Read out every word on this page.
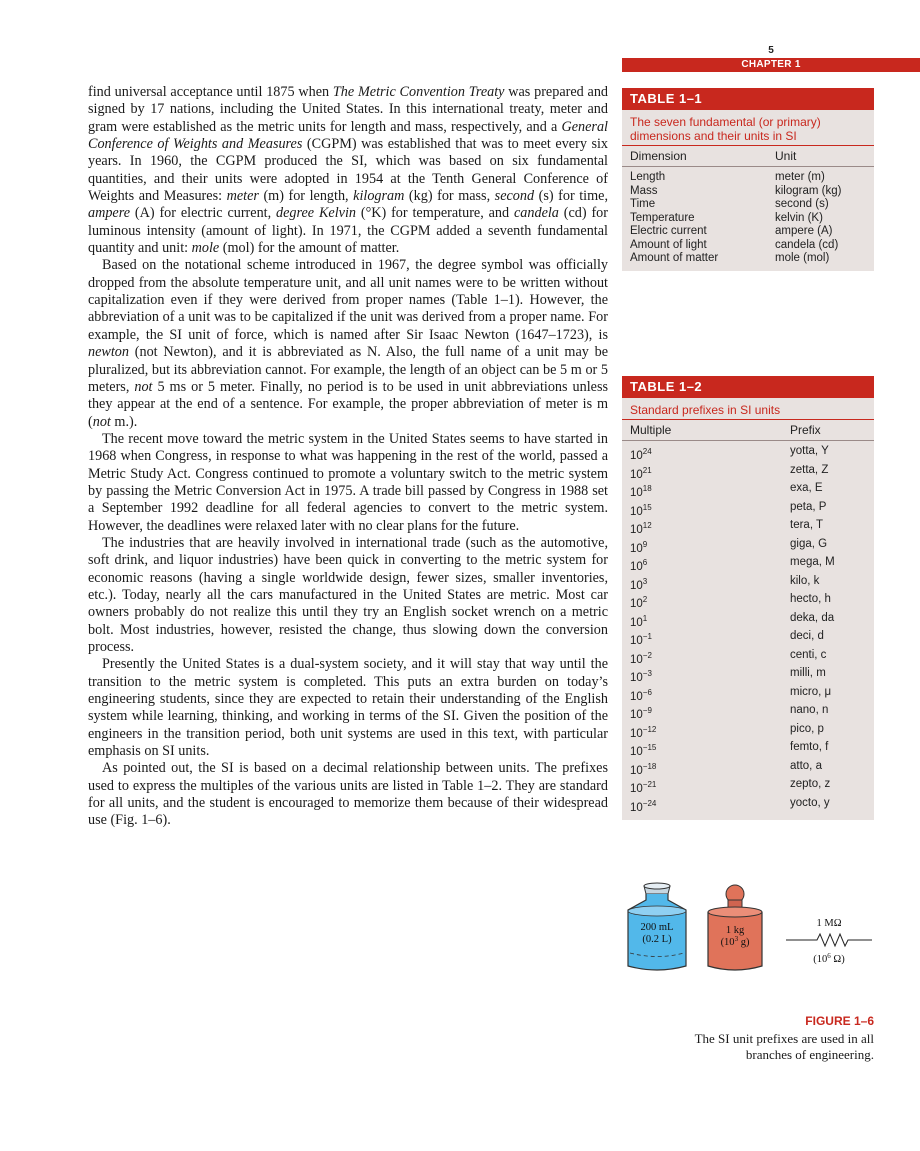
5
CHAPTER 1

find universal acceptance until 1875 when The Metric Convention Treaty was prepared and signed by 17 nations, including the United States. In this international treaty, meter and gram were established as the metric units for length and mass, respectively, and a General Conference of Weights and Measures (CGPM) was established that was to meet every six years. In 1960, the CGPM produced the SI, which was based on six fundamental quantities, and their units were adopted in 1954 at the Tenth General Conference of Weights and Measures: meter (m) for length, kilogram (kg) for mass, second (s) for time, ampere (A) for electric current, degree Kelvin (°K) for temperature, and candela (cd) for luminous intensity (amount of light). In 1971, the CGPM added a seventh fundamental quantity and unit: mole (mol) for the amount of matter.

Based on the notational scheme introduced in 1967, the degree symbol was officially dropped from the absolute temperature unit, and all unit names were to be written without capitalization even if they were derived from proper names (Table 1–1). However, the abbreviation of a unit was to be capitalized if the unit was derived from a proper name. For example, the SI unit of force, which is named after Sir Isaac Newton (1647–1723), is newton (not Newton), and it is abbreviated as N. Also, the full name of a unit may be pluralized, but its abbreviation cannot. For example, the length of an object can be 5 m or 5 meters, not 5 ms or 5 meter. Finally, no period is to be used in unit abbreviations unless they appear at the end of a sentence. For example, the proper abbreviation of meter is m (not m.).

The recent move toward the metric system in the United States seems to have started in 1968 when Congress, in response to what was happening in the rest of the world, passed a Metric Study Act. Congress continued to promote a voluntary switch to the metric system by passing the Metric Conversion Act in 1975. A trade bill passed by Congress in 1988 set a September 1992 deadline for all federal agencies to convert to the metric system. However, the deadlines were relaxed later with no clear plans for the future.

The industries that are heavily involved in international trade (such as the automotive, soft drink, and liquor industries) have been quick in converting to the metric system for economic reasons (having a single worldwide design, fewer sizes, smaller inventories, etc.). Today, nearly all the cars manufactured in the United States are metric. Most car owners probably do not realize this until they try an English socket wrench on a metric bolt. Most industries, however, resisted the change, thus slowing down the conversion process.

Presently the United States is a dual-system society, and it will stay that way until the transition to the metric system is completed. This puts an extra burden on today’s engineering students, since they are expected to retain their understanding of the English system while learning, thinking, and working in terms of the SI. Given the position of the engineers in the transition period, both unit systems are used in this text, with particular emphasis on SI units.

As pointed out, the SI is based on a decimal relationship between units. The prefixes used to express the multiples of the various units are listed in Table 1–2. They are standard for all units, and the student is encouraged to memorize them because of their widespread use (Fig. 1–6).

TABLE 1–1
The seven fundamental (or primary) dimensions and their units in SI
Dimension	Unit
Length	meter (m)
Mass	kilogram (kg)
Time	second (s)
Temperature	kelvin (K)
Electric current	ampere (A)
Amount of light	candela (cd)
Amount of matter	mole (mol)
TABLE 1–2
Standard prefixes in SI units
Multiple	Prefix
$10^{24}$	yotta, Y
$10^{21}$	zetta, Z
$10^{18}$	exa, E
$10^{15}$	peta, P
$10^{12}$	tera, T
$10^9$	giga, G
$10^6$	mega, M
$10^3$	kilo, k
$10^2$	hecto, h
$10^1$	deka, da
$10^{-1}$	deci, d
$10^{-2}$	centi, c
$10^{-3}$	milli, m
$10^{-6}$	micro, μ
$10^{-9}$	nano, n
$10^{-12}$	pico, p
$10^{-15}$	femto, f
$10^{-18}$	atto, a
$10^{-21}$	zepto, z
$10^{-24}$	yocto, y
200 mL
(0.2 L)
1 kg
($10^3$ g)
1 MΩ
($10^6$ Ω)
FIGURE 1–6
The SI unit prefixes are used in all
branches of engineering.
